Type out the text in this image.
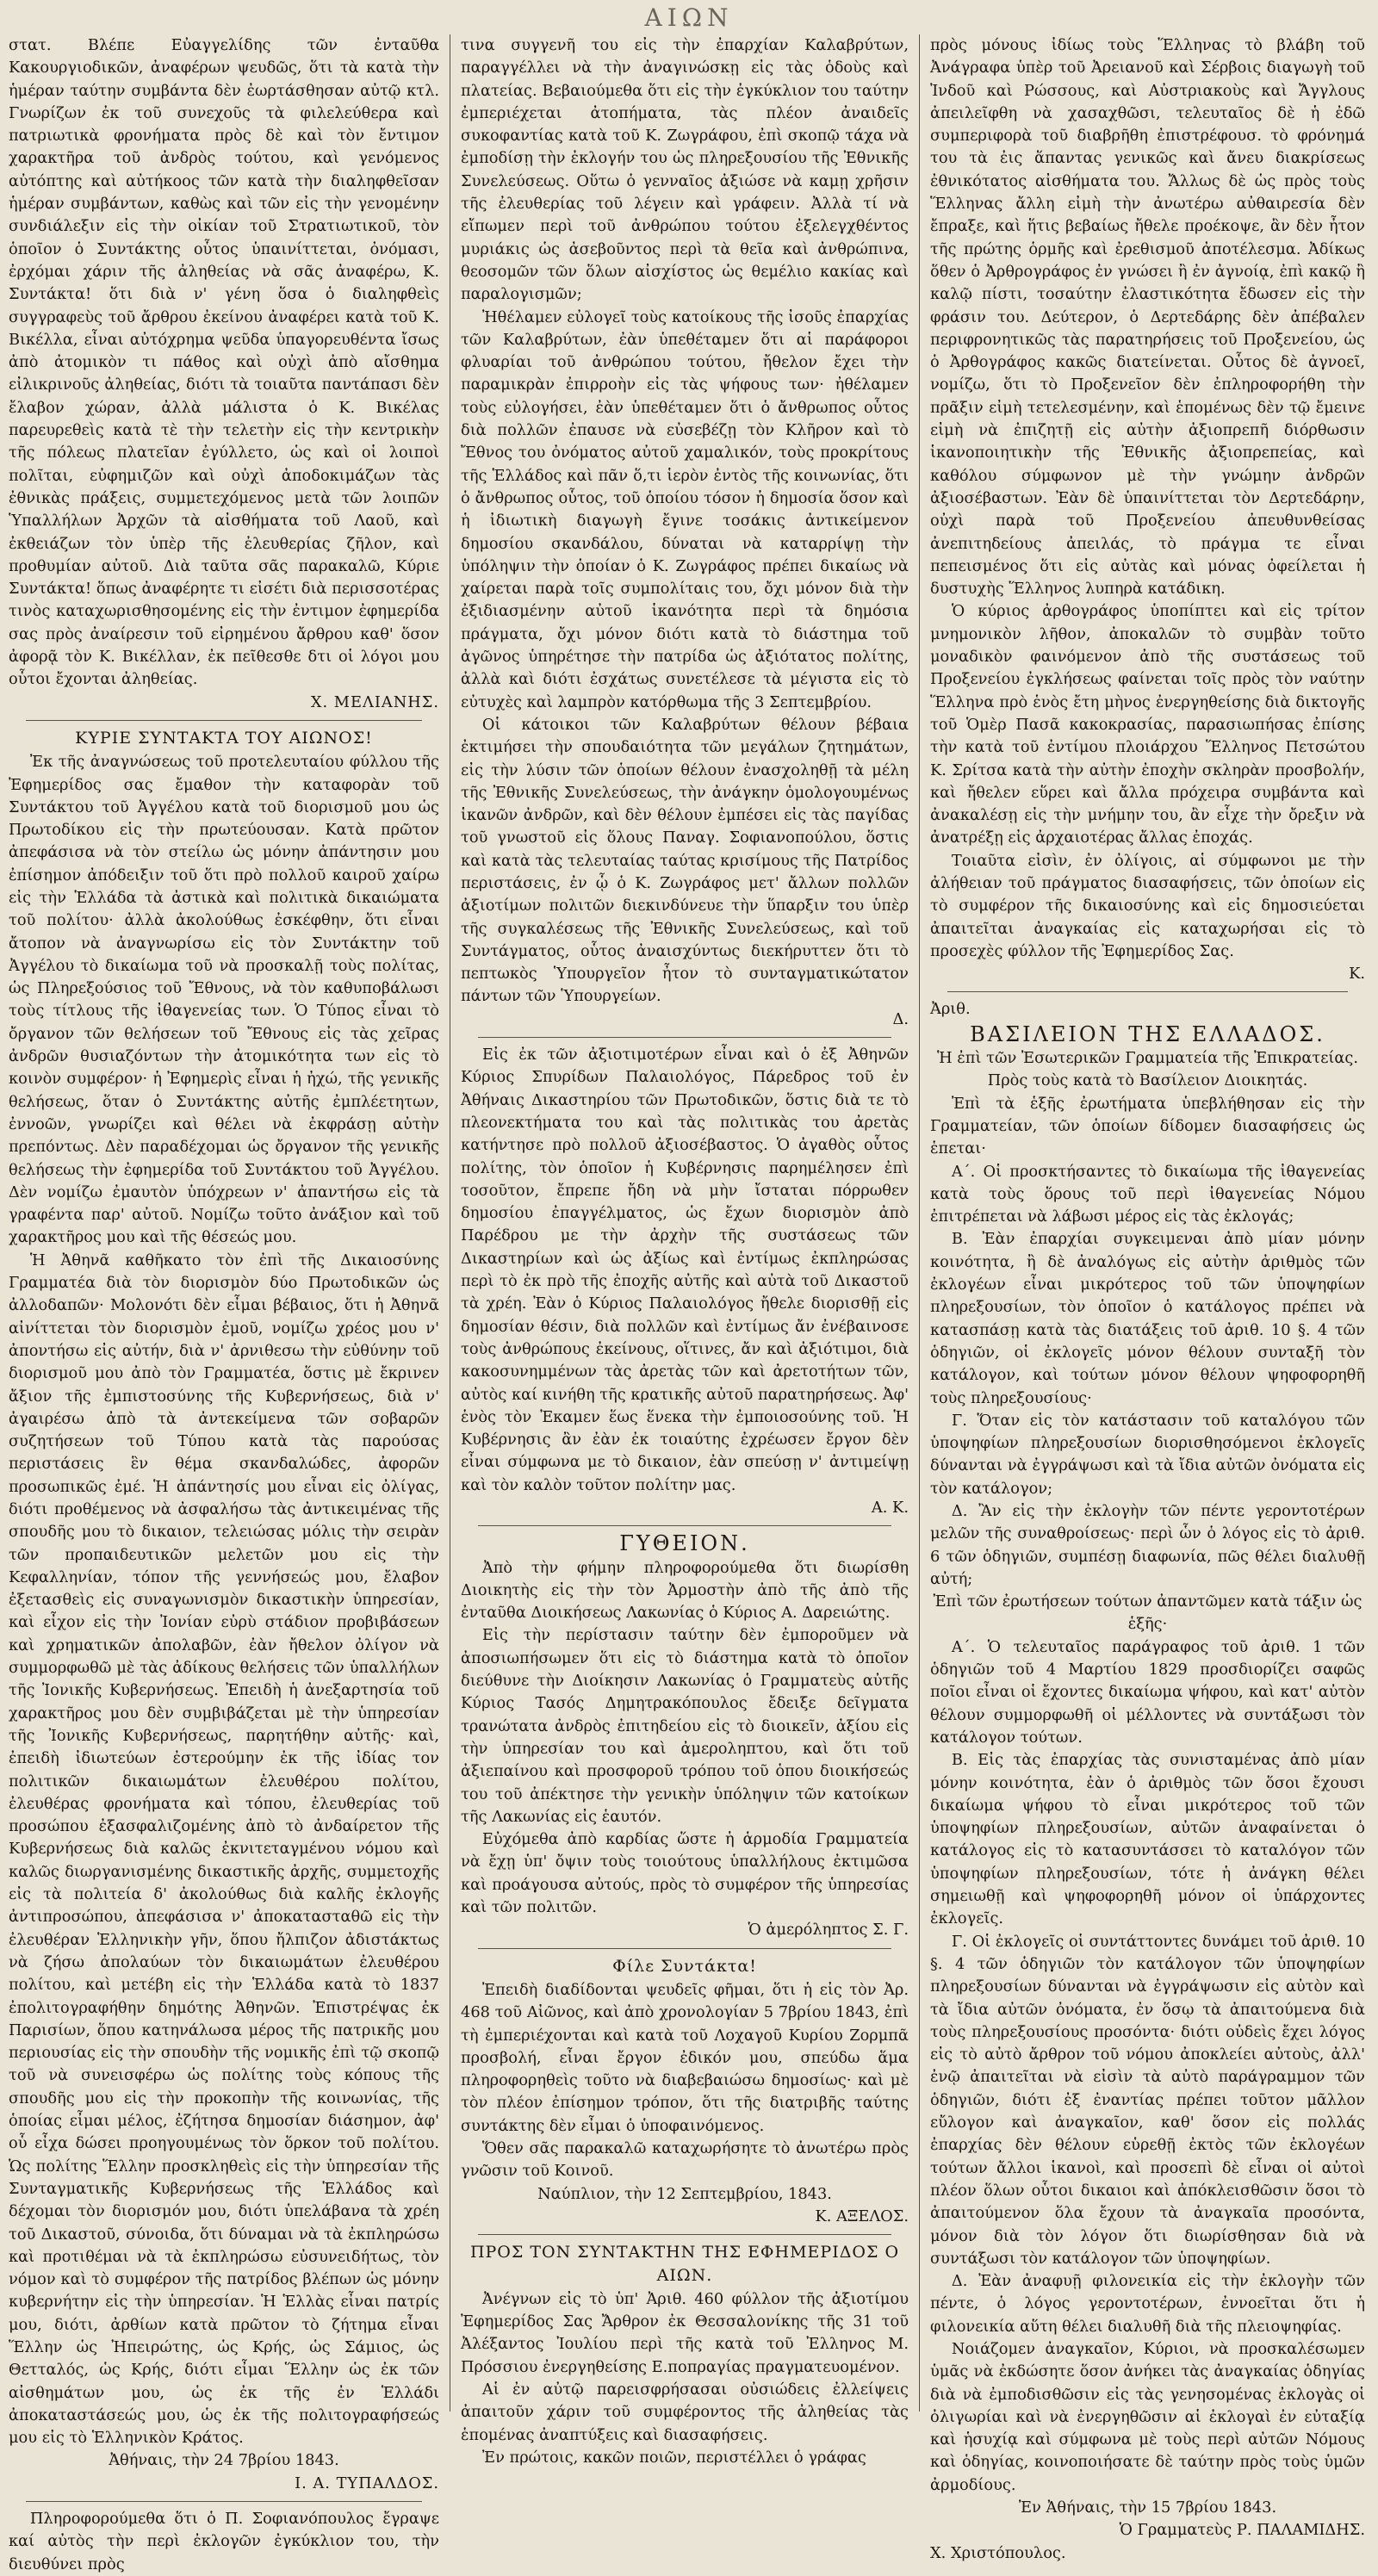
ΑΙΩΝ

στατ. Βλέπε Εὐαγγελίδης τῶν ἐνταῦθα Κακουργιοδικῶν, ἀναφέρων ψευδῶς, ὅτι τὰ κατὰ τὴν ἡμέραν ταύτην συμβάντα δὲν ἐωρτάσθησαν αὐτῷ κτλ. Γνωρίζων ἐκ τοῦ συνεχοῦς τὰ φιλελεύθερα καὶ πατριωτικὰ φρονήματα πρὸς δὲ καὶ τὸν ἔντιμον χαρακτῆρα τοῦ ἀνδρὸς τούτου, καὶ γενόμενος αὐτόπτης καὶ αὐτήκοος τῶν κατὰ τὴν διαληφθεῖσαν ἡμέραν συμβάντων, καθὼς καὶ τῶν εἰς τὴν γενομένην συνδιάλεξιν εἰς τὴν οἰκίαν τοῦ Στρατιωτικοῦ, τὸν ὁποῖον ὁ Συντάκτης οὗτος ὑπαινίττεται, ὀνόμασι, ἐρχόμαι χάριν τῆς ἀληθείας νὰ σᾶς ἀναφέρω, Κ. Συντάκτα! ὅτι διὰ ν' γένη ὅσα ὁ διαληφθεὶς συγγραφεὺς τοῦ ἄρθρου ἐκείνου ἀναφέρει κατὰ τοῦ Κ. Βικέλλα, εἶναι αὐτόχρημα ψεῦδα ὑπαγορευθέντα ἴσως ἀπὸ ἀτομικὸν τι πάθος καὶ οὐχὶ ἀπὸ αἴσθημα εἰλικρινοῦς ἀληθείας, διότι τὰ τοιαῦτα παντάπασι δὲν ἔλαβον χώραν, ἀλλὰ μάλιστα ὁ Κ. Βικέλας παρευρεθεὶς κατὰ τὲ τὴν τελετὴν εἰς τὴν κεντρικὴν τῆς πόλεως πλατεῖαν ἐγύλλετο, ὡς καὶ οἱ λοιποὶ πολῖται, εὐφημιζῶν καὶ οὐχὶ ἀποδοκιμάζων τὰς ἐθνικὰς πράξεις, συμμετεχόμενος μετὰ τῶν λοιπῶν Ὑπαλλήλων Ἀρχῶν τὰ αἰσθήματα τοῦ Λαοῦ, καὶ ἐκθειάζων τὸν ὑπὲρ τῆς ἐλευθερίας ζῆλον, καὶ προθυμίαν αὐτοῦ. Διὰ ταῦτα σᾶς παρακαλῶ, Κύριε Συντάκτα! ὅπως ἀναφέρητε τι εἰσέτι διὰ περισσοτέρας τινὸς καταχωρισθησομένης εἰς τὴν ἐντιμον ἐφημερίδα σας πρὸς ἀναίρεσιν τοῦ εἰρημένου ἄρθρου καθ' ὅσον ἀφορᾷ τὸν Κ. Βικέλλαν, ἐκ πεῖθεσθε δτι οἱ λόγοι μου οὗτοι ἔχονται ἀληθείας.

Χ. ΜΕΛΙΑΝΗΣ.

ΚΥΡΙΕ ΣΥΝΤΑΚΤΑ ΤΟΥ ΑΙΩΝΟΣ!

Ἐκ τῆς ἀναγνώσεως τοῦ προτελευταίου φύλλου τῆς Ἐφημερίδος σας ἔμαθον τὴν καταφορὰν τοῦ Συντάκτου τοῦ Ἀγγέλου κατὰ τοῦ διορισμοῦ μου ὡς Πρωτοδίκου εἰς τὴν πρωτεύουσαν. Κατὰ πρῶτον ἀπεφάσισα νὰ τὸν στείλω ὡς μόνην ἀπάντησιν μου ἐπίσημον ἀπόδειξιν τοῦ ὅτι πρὸ πολλοῦ καιροῦ χαίρω εἰς τὴν Ἑλλάδα τὰ ἀστικὰ καὶ πολιτικὰ δικαιώματα τοῦ πολίτου· ἀλλὰ ἀκολούθως ἐσκέφθην, ὅτι εἶναι ἄτοπον νὰ ἀναγνωρίσω εἰς τὸν Συντάκτην τοῦ Ἀγγέλου τὸ δικαίωμα τοῦ νὰ προσκαλῇ τοὺς πολίτας, ὡς Πληρεξούσιος τοῦ Ἔθνους, νὰ τὸν καθυποβάλωσι τοὺς τίτλους τῆς ἰθαγενείας των. Ὁ Τύπος εἶναι τὸ ὄργανον τῶν θελήσεων τοῦ Ἔθνους εἰς τὰς χεῖρας ἀνδρῶν θυσιαζόντων τὴν ἀτομικότητα των εἰς τὸ κοινὸν συμφέρον· ἡ Ἐφημερὶς εἶναι ἡ ἠχώ, τῆς γενικῆς θελήσεως, ὅταν ὁ Συντάκτης αὐτῆς ἐμπλέετητων, ἐννοῶν, γνωρίζει καὶ θέλει νὰ ἐκφράσῃ αὐτὴν πρεπόντως. Δὲν παραδέχομαι ὡς ὄργανον τῆς γενικῆς θελήσεως τὴν ἐφημερίδα τοῦ Συντάκτου τοῦ Ἀγγέλου. Δὲν νομίζω ἐμαυτὸν ὑπόχρεων ν' ἀπαντήσω εἰς τὰ γραφέντα παρ' αὐτοῦ. Νομίζω τοῦτο ἀνάξιον καὶ τοῦ χαρακτῆρος μου καὶ τῆς θέσεώς μου.

Ἡ Ἀθηνᾶ καθῆκατο τὸν ἐπὶ τῆς Δικαιοσύνης Γραμματέα διὰ τὸν διορισμὸν δύο Πρωτοδικῶν ὡς ἀλλοδαπῶν· Μολονότι δὲν εἶμαι βέβαιος, ὅτι ἡ Ἀθηνᾶ αἰνίττεται τὸν διορισμὸν ἐμοῦ, νομίζω χρέος μου ν' ἀποντήσω εἰς αὐτήν, διὰ ν' ἀρνιθεσω τὴν εὐθύνην τοῦ διορισμοῦ μου ἀπὸ τὸν Γραμματέα, ὅστις μὲ ἔκρινεν ἄξιον τῆς ἐμπιστοσύνης τῆς Κυβερνήσεως, διὰ ν' ἀγαιρέσω ἀπὸ τὰ ἀντεκείμενα τῶν σοβαρῶν συζητήσεων τοῦ Τύπου κατὰ τὰς παρούσας περιστάσεις ἓν θέμα σκανδαλώδες, ἀφορῶν προσωπικῶς ἐμέ. Ἡ ἀπάντησίς μου εἶναι εἰς ὀλίγας, διότι προθέμενος νὰ ἀσφαλήσω τὰς ἀντικειμένας τῆς σπουδῆς μου τὸ δικαιον, τελειώσας μόλις τὴν σειρὰν τῶν προπαιδευτικῶν μελετῶν μου εἰς τὴν Κεφαλληνίαν, τόπον τῆς γεννήσεώς μου, ἔλαβον ἐξετασθεὶς εἰς συναγωνισμὸν δικαστικὴν ὑπηρεσίαν, καὶ εἶχον εἰς τὴν Ἰονίαν εὐρὺ στάδιον προβιβάσεων καὶ χρηματικῶν ἀπολαβῶν, ἐὰν ἤθελον ὀλίγον νὰ συμμορφωθῶ μὲ τὰς ἀδίκους θελήσεις τῶν ὑπαλλήλων τῆς Ἰονικῆς Κυβερνήσεως. Ἐπειδὴ ἡ ἀνεξαρτησία τοῦ χαρακτῆρος μου δὲν συμβιβάζεται μὲ τὴν ὑπηρεσίαν τῆς Ἰονικῆς Κυβερνήσεως, παρητήθην αὐτῆς· καὶ, ἐπειδὴ ἰδιωτεύων ἐστερούμην ἐκ τῆς ἰδίας τον πολιτικῶν δικαιωμάτων ἐλευθέρου πολίτου, ἐλευθέρας φρονήματα καὶ τόπου, ἐλευθερίας τοῦ προσώπου ἐξασφαλιζομένης ἀπὸ τὸ ἀνδαίρετον τῆς Κυβερνήσεως διὰ καλῶς ἐκνιτεταγμένου νόμου καὶ καλῶς διωργανισμένης δικαστικῆς ἀρχῆς, συμμετοχῆς εἰς τὰ πολιτεία δ' ἀκολούθως διὰ καλῆς ἐκλογῆς ἀντιπροσώπου, ἀπεφάσισα ν' ἀποκατασταθῶ εἰς τὴν ἐλευθέραν Ἑλληνικὴν γῆν, ὅπου ἤλπιζον ἀδιστάκτως νὰ ζήσω ἀπολαύων τὸν δικαιωμάτων ἐλευθέρου πολίτου, καὶ μετέβη εἰς τὴν Ἑλλάδα κατὰ τὸ 1837 ἐπολιτογραφήθην δημότης Ἀθηνῶν. Ἐπιστρέψας ἐκ Παρισίων, ὅπου κατηνάλωσα μέρος τῆς πατρικῆς μου περιουσίας εἰς τὴν σπουδὴν τῆς νομικῆς ἐπὶ τῷ σκοπῷ τοῦ νὰ συνεισφέρω ὡς πολίτης τοὺς κόπους τῆς σπουδῆς μου εἰς τὴν προκοπὴν τῆς κοινωνίας, τῆς ὁποίας εἶμαι μέλος, ἐζήτησα δημοσίαν διάσημον, ἀφ' οὗ εἶχα δώσει προηγουμένως τὸν ὅρκον τοῦ πολίτου. Ὡς πολίτης Ἕλλην προσκληθεὶς εἰς τὴν ὑπηρεσίαν τῆς Συνταγματικῆς Κυβερνήσεως τῆς Ἑλλάδος καὶ δέχομαι τὸν διορισμόν μου, διότι ὑπελάβανα τὰ χρέη τοῦ Δικαστοῦ, σύνοιδα, ὅτι δύναμαι νὰ τὰ ἐκπληρώσω καὶ προτιθέμαι νὰ τὰ ἐκπληρώσω εὐσυνειδήτως, τὸν νόμον καὶ τὸ συμφέρον τῆς πατρίδος βλέπων ὡς μόνην κυβερνήτην εἰς τὴν ὑπηρεσίαν. Ἡ Ἑλλὰς εἶναι πατρίς μου, διότι, ἀρθίων κατὰ πρῶτον τὸ ζήτημα εἶναι Ἕλλην ὡς Ἠπειρώτης, ὡς Κρής, ὡς Σάμιος, ὡς Θετταλός, ὡς Κρής, διότι εἶμαι Ἕλλην ὡς ἐκ τῶν αἰσθημάτων μου, ὡς ἐκ τῆς ἐν Ἑλλάδι ἀποκαταστάσεώς μου, ὡς ἐκ τῆς πολιτογραφήσεώς μου εἰς τὸ Ἑλληνικὸν Κράτος.

Ἀθήναις, τὴν 24 7βρίου 1843.

Ι. Α. ΤΥΠΑΛΔΟΣ.

Πληροφορούμεθα ὅτι ὁ Π. Σοφιανόπουλος ἔγραψε καί αὐτὸς τὴν περὶ ἐκλογῶν ἐγκύκλιον του, τὴν διευθύνει πρὸς

τινα συγγενῆ του εἰς τὴν ἐπαρχίαν Καλαβρύτων, παραγγέλλει νὰ τὴν ἀναγινώσκῃ εἰς τὰς ὁδοὺς καὶ πλατείας. Βεβαιούμεθα ὅτι εἰς τὴν ἐγκύκλιον του ταύτην ἐμπεριέχεται ἀτοπήματα, τὰς πλέον ἀναιδεῖς συκοφαντίας κατὰ τοῦ Κ. Ζωγράφου, ἐπὶ σκοπῷ τάχα νὰ ἐμποδίσῃ τὴν ἐκλογήν του ὡς πληρεξουσίου τῆς Ἐθνικῆς Συνελεύσεως. Οὕτω ὁ γενναῖος ἀξιώσε νὰ καμῃ χρῆσιν τῆς ἐλευθερίας τοῦ λέγειν καὶ γράφειν. Ἀλλὰ τί νὰ εἴπωμεν περὶ τοῦ ἀνθρώπου τούτου ἐξελεγχθέντος μυριάκις ὡς ἀσεβοῦντος περὶ τὰ θεῖα καὶ ἀνθρώπινα, θεοσομῶν τῶν ὅλων αἰσχίστος ὡς θεμέλιο κακίας καὶ παραλογισμῶν;

Ἠθέλαμεν εὐλογεῖ τοὺς κατοίκους τῆς ἰσοῦς ἐπαρχίας τῶν Καλαβρύτων, ἐὰν ὑπεθέταμεν ὅτι αἱ παράφοροι φλυαρίαι τοῦ ἀνθρώπου τούτου, ἤθελον ἔχει τὴν παραμικρὰν ἐπιρροὴν εἰς τὰς ψήφους των· ἠθέλαμεν τοὺς εὐλογήσει, ἐὰν ὑπεθέταμεν ὅτι ὁ ἄνθρωπος οὗτος διὰ πολλῶν ἐπαυσε νὰ εὐσεβέζῃ τὸν Κλῆρον καὶ τὸ Ἔθνος του ὀνόματος αὐτοῦ χαμαλικόν, τοὺς προκρίτους τῆς Ἑλλάδος καὶ πᾶν ὅ,τι ἱερὸν ἐντὸς τῆς κοινωνίας, ὅτι ὁ ἄνθρωπος οὗτος, τοῦ ὁποίου τόσον ἡ δημοσία ὅσον καὶ ἡ ἰδιωτικὴ διαγωγὴ ἔγινε τοσάκις ἀντικείμενον δημοσίου σκανδάλου, δύναται νὰ καταρρίψῃ τὴν ὑπόληψιν τὴν ὁποίαν ὁ Κ. Ζωγράφος πρέπει δικαίως νὰ χαίρεται παρὰ τοῖς συμπολίταις του, ὄχι μόνον διὰ τὴν ἐξιδιασμένην αὐτοῦ ἱκανότητα περὶ τὰ δημόσια πράγματα, ὄχι μόνον διότι κατὰ τὸ διάστημα τοῦ ἀγῶνος ὑπηρέτησε τὴν πατρίδα ὡς ἀξιότατος πολίτης, ἀλλὰ καὶ διότι ἐσχάτως συνετέλεσε τὰ μέγιστα εἰς τὸ εὐτυχὲς καὶ λαμπρὸν κατόρθωμα τῆς 3 Σεπτεμβρίου.

Οἱ κάτοικοι τῶν Καλαβρύτων θέλουν βέβαια ἐκτιμήσει τὴν σπουδαιότητα τῶν μεγάλων ζητημάτων, εἰς τὴν λύσιν τῶν ὁποίων θέλουν ἐνασχοληθῇ τὰ μέλη τῆς Ἐθνικῆς Συνελεύσεως, τὴν ἀνάγκην ὁμολογουμένως ἱκανῶν ἀνδρῶν, καὶ δὲν θέλουν ἐμπέσει εἰς τὰς παγίδας τοῦ γνωστοῦ εἰς ὅλους Παναγ. Σοφιανοπούλου, ὅστις καὶ κατὰ τὰς τελευταίας ταύτας κρισίμους τῆς Πατρίδος περιστάσεις, ἐν ᾧ ὁ Κ. Ζωγράφος μετ' ἄλλων πολλῶν ἀξιοτίμων πολιτῶν διεκινδύνευε τὴν ὕπαρξιν του ὑπὲρ τῆς συγκαλέσεως τῆς Ἐθνικῆς Συνελεύσεως, καὶ τοῦ Συντάγματος, οὗτος ἀναισχύντως διεκήρυττεν ὅτι τὸ πεπτωκὸς Ὑπουργεῖον ἦτον τὸ συνταγματικώτατον πάντων τῶν Ὑπουργείων.

Δ.

Εἰς ἐκ τῶν ἀξιοτιμοτέρων εἶναι καὶ ὁ ἐξ Ἀθηνῶν Κύριος Σπυρίδων Παλαιολόγος, Πάρεδρος τοῦ ἐν Ἀθήναις Δικαστηρίου τῶν Πρωτοδικῶν, ὅστις διὰ τε τὸ πλεονεκτήματα του καὶ τὰς πολιτικὰς του ἀρετὰς κατήντησε πρὸ πολλοῦ ἀξιοσέβαστος. Ὁ ἀγαθὸς οὗτος πολίτης, τὸν ὁποῖον ἡ Κυβέρνησις παρημέλησεν ἐπὶ τοσοῦτον, ἔπρεπε ἤδη νὰ μὴν ἴσταται πόρρωθεν δημοσίου ἐπαγγέλματος, ὡς ἔχων διορισμὸν ἀπὸ Παρέδρου με τὴν ἀρχὴν τῆς συστάσεως τῶν Δικαστηρίων καὶ ὡς ἀξίως καὶ ἐντίμως ἐκπληρώσας περὶ τὸ ἐκ πρὸ τῆς ἐποχῆς αὐτῆς καὶ αὐτὰ τοῦ Δικαστοῦ τὰ χρέη. Ἐὰν ὁ Κύριος Παλαιολόγος ἤθελε διορισθῇ εἰς δημοσίαν θέσιν, διὰ πολλῶν καὶ ἐντίμως ἄν ἐνέβαινοσε τοὺς ἀνθρώπους ἐκείνους, οἵτινες, ἄν καὶ ἀξιότιμοι, διὰ κακοσυνημμένων τὰς ἀρετὰς τῶν καὶ ἀρετοτήτων τῶν, αὐτὸς καί κινήθη τῆς κρατικῆς αὐτοῦ παρατηρήσεως. Ἀφ' ἑνὸς τὸν Ἐκαμεν ἕως ἕνεκα τὴν ἐμποιοσούνης τοῦ. Ἡ Κυβέρνησις ἂν ἐὰν ἐκ τοιαύτης ἐχρέωσεν ἔργον δὲν εἶναι σύμφωνα με τὸ δικαιον, ἐὰν σπεύσῃ ν' ἀντιμείψῃ καὶ τὸν καλὸν τοῦτον πολίτην μας.

Α. Κ.

ΓΥΘΕΙΟΝ.

Ἀπὸ τὴν φήμην πληροφορούμεθα ὅτι διωρίσθη Διοικητὴς εἰς τὴν τὸν Ἀρμοστὴν ἀπὸ τῆς ἀπὸ τῆς ἐνταῦθα Διοικήσεως Λακωνίας ὁ Κύριος Α. Δαρειώτης.

Εἰς τὴν περίστασιν ταύτην δὲν ἐμποροῦμεν νὰ ἀποσιωπήσωμεν ὅτι εἰς τὸ διάστημα κατὰ τὸ ὁποῖον διεύθυνε τὴν Διοίκησιν Λακωνίας ὁ Γραμματεὺς αὐτῆς Κύριος Τασός Δημητρακόπουλος ἔδειξε δεῖγματα τρανώτατα ἀνδρὸς ἐπιτηδείου εἰς τὸ διοικεῖν, ἀξίου εἰς τὴν ὑπηρεσίαν του καὶ ἀμεροληπτου, καὶ ὅτι τοῦ ἀξιεπαίνου καὶ προσφοροῦ τρόπου τοῦ ὁπου διοικήσεώς του τοῦ ἀπέκτησε τὴν γενικὴν ὑπόληψιν τῶν κατοίκων τῆς Λακωνίας εἰς ἑαυτόν.

Εὐχόμεθα ἀπὸ καρδίας ὥστε ἡ ἁρμοδία Γραμματεία νὰ ἔχῃ ὑπ' ὄψιν τοὺς τοιούτους ὑπαλλήλους ἐκτιμῶσα καὶ προάγουσα αὐτούς, πρὸς τὸ συμφέρον τῆς ὑπηρεσίας καὶ τῶν πολιτῶν.

Ὁ ἀμερόληπτος Σ. Γ.

Φίλε Συντάκτα!

Ἐπειδὴ διαδίδονται ψευδεῖς φῆμαι, ὅτι ἡ εἰς τὸν Ἀρ. 468 τοῦ Αἰῶνος, καὶ ἀπὸ χρονολογίαν 5 7βρίου 1843, ἐπὶ τὴ ἐμπεριέχονται καὶ κατὰ τοῦ Λοχαγοῦ Κυρίου Ζορμπᾶ προσβολή, εἶναι ἔργον ἐδικόν μου, σπεύδω ἅμα πληροφορηθεὶς τοῦτο νὰ διαβεβαιώσω δημοσίως· καὶ μὲ τὸν πλέον ἐπίσημον τρόπον, ὅτι τῆς διατριβῆς ταύτης συντάκτης δὲν εἶμαι ὁ ὑποφαινόμενος.

Ὅθεν σᾶς παρακαλῶ καταχωρήσητε τὸ ἀνωτέρω πρὸς γνῶσιν τοῦ Κοινοῦ.

Ναύπλιον, τὴν 12 Σεπτεμβρίου, 1843.

Κ. ΑΞΕΛΟΣ.

ΠΡΟΣ ΤΟΝ ΣΥΝΤΑΚΤΗΝ ΤΗΣ ΕΦΗΜΕΡΙΔΟΣ Ο ΑΙΩΝ.

Ἀνέγνων εἰς τὸ ὑπ' Ἀριθ. 460 φύλλον τῆς ἀξιοτίμου Ἐφημερίδος Σας Ἄρθρον ἐκ Θεσσαλονίκης τῆς 31 τοῦ Ἀλέξαντος Ἰουλίου περὶ τῆς κατὰ τοῦ Ἐλληνος Μ. Πρόσσιου ἐνεργηθείσης Ε.ποπραγίας πραγματευομένον.

Αἱ ἐν αὐτῷ παρεισφρήσασαι οὐσιώδεις ἐλλείψεις ἀπαιτοῦν χάριν τοῦ συμφέροντος τῆς ἀληθείας τὰς ἑπομένας ἀναπτύξεις καὶ διασαφήσεις.

Ἐν πρώτοις, κακῶν ποιῶν, περιστέλλει ὁ γράφας

πρὸς μόνους ἰδίως τοὺς Ἕλληνας τὸ βλάβη τοῦ Ἀνάγραφα ὑπὲρ τοῦ Ἀρειανοῦ καὶ Σέρβοις διαγωγὴ τοῦ Ἰνδοῦ καὶ Ρώσσους, καὶ Αὐστριακοὺς καὶ Ἄγγλους ἀπειλεῖφθη νὰ χασαχθῶσι, τελευταῖος δὲ ἡ ἐδῶ συμπεριφορὰ τοῦ διαβρῆθη ἐπιστρέφουσ. τὸ φρόνημά του τὰ ἐις ἅπαντας γενικῶς καὶ ἄνευ διακρίσεως ἐθνικότατος αἰσθήματα του. Ἄλλως δὲ ὡς πρὸς τοὺς Ἕλληνας ἄλλη εἰμὴ τὴν ἀνωτέρω αὐθαιρεσία δὲν ἔπραξε, καὶ ἥτις βεβαίως ἤθελε προέκοψε, ἂν δὲν ἦτον τῆς πρώτης ὁρμῆς καὶ ἐρεθισμοῦ ἀποτέλεσμα. Ἀδίκως ὅθεν ὁ Ἀρθρογράφος ἐν γνώσει ἢ ἐν ἀγνοίᾳ, ἐπὶ κακῷ ἢ καλῷ πίστι, τοσαύτην ἐλαστικότητα ἔδωσεν εἰς τὴν φράσιν του. Δεύτερον, ὁ Δερτεδάρης δὲν ἀπέβαλεν περιφρονητικῶς τὰς παρατηρήσεις τοῦ Προξενείου, ὡς ὁ Ἀρθογράφος κακῶς διατείνεται. Οὗτος δὲ ἀγνοεῖ, νομίζω, ὅτι τὸ Προξενεῖον δὲν ἐπληροφορήθη τὴν πρᾶξιν εἰμὴ τετελεσμένην, καὶ ἑπομένως δὲν τῷ ἔμεινε εἰμὴ νὰ ἐπιζητῇ εἰς αὐτὴν ἀξιοπρεπῆ διόρθωσιν ἱκανοποιητικὴν τῆς Ἐθνικῆς ἀξιοπρεπείας, καὶ καθόλου σύμφωνον μὲ τὴν γνώμην ἀνδρῶν ἀξιοσέβαστων. Ἐὰν δὲ ὑπαινίττεται τὸν Δερτεδάρην, οὐχὶ παρὰ τοῦ Προξενείου ἀπευθυνθείσας ἀνεπιτηδείους ἀπειλάς, τὸ πράγμα τε εἶναι πεπεισμένος ὅτι εἰς αὐτὰς καὶ μόνας ὀφείλεται ἡ δυστυχὴς Ἕλληνος λυπηρὰ κατάδικη.

Ὁ κύριος ἀρθογράφος ὑποπίπτει καὶ εἰς τρίτον μνημονικὸν λῆθον, ἀποκαλῶν τὸ συμβὰν τοῦτο μοναδικὸν φαινόμενον ἀπὸ τῆς συστάσεως τοῦ Προξενείου ἐγκλήσεως φαίνεται τοῖς πρὸς τὸν ναύτην Ἕλληνα πρὸ ἑνὸς ἔτη μὴνος ἐνεργηθείσης διὰ δικτογῆς τοῦ Ὁμὲρ Πασᾶ κακοκρασίας, παρασιωπήσας ἐπίσης τὴν κατὰ τοῦ ἐντίμου πλοιάρχου Ἕλληνος Πετσώτου Κ. Σρίτσα κατὰ τὴν αὐτὴν ἐποχὴν σκληρὰν προσβολήν, καὶ ἤθελεν εὕρει καὶ ἄλλα πρόχειρα συμβάντα καὶ ἀνακαλέσῃ εἰς τὴν μνήμην του, ἂν εἶχε τὴν ὄρεξιν νὰ ἀνατρέξῃ εἰς ἀρχαιοτέρας ἄλλας ἐποχάς.

Τοιαῦτα εἰσὶν, ἐν ὀλίγοις, αἱ σύμφωνοι με τὴν ἀλήθειαν τοῦ πράγματος διασαφήσεις, τῶν ὁποίων εἰς τὸ συμφέρον τῆς δικαιοσύνης καὶ εἰς δημοσιεύεται ἀπαιτεῖται ἀναγκαίας εἰς καταχωρήσαι εἰς τὸ προσεχὲς φύλλον τῆς Ἐφημερίδος Σας.

Κ.

Ἀριθ.

ΒΑΣΙΛΕΙΟΝ ΤΗΣ ΕΛΛΑΔΟΣ.

Ἡ ἐπὶ τῶν Ἐσωτερικῶν Γραμματεία τῆς Ἐπικρατείας.

Πρὸς τοὺς κατὰ τὸ Βασίλειον Διοικητάς.

Ἐπὶ τὰ ἑξῆς ἐρωτήματα ὑπεβλήθησαν εἰς τὴν Γραμματείαν, τῶν ὁποίων δίδομεν διασαφήσεις ὡς ἑπεται·

Α΄. Οἱ προσκτήσαντες τὸ δικαίωμα τῆς ἰθαγενείας κατὰ τοὺς ὅρους τοῦ περὶ ἰθαγενείας Νόμου ἐπιτρέπεται νὰ λάβωσι μέρος εἰς τὰς ἐκλογάς;

Β. Ἐὰν ἐπαρχίαι συγκειμεναι ἀπὸ μίαν μόνην κοινότητα, ἢ δὲ ἀναλόγως εἰς αὐτὴν ἀριθμὸς τῶν ἐκλογέων εἶναι μικρότερος τοῦ τῶν ὑποψηφίων πληρεξουσίων, τὸν ὁποῖον ὁ κατάλογος πρέπει νὰ κατασπάσῃ κατὰ τὰς διατάξεις τοῦ ἀριθ. 10 §. 4 τῶν ὁδηγιῶν, οἱ ἐκλογεῖς μόνον θέλουν συνταξῆ τὸν κατάλογον, καὶ τούτων μόνον θέλουν ψηφοφορηθῆ τοὺς πληρεξουσίους·

Γ. Ὅταν εἰς τὸν κατάστασιν τοῦ καταλόγου τῶν ὑποψηφίων πληρεξουσίων διορισθησόμενοι ἐκλογεῖς δύνανται νὰ ἐγγράψωσι καὶ τὰ ἴδια αὐτῶν ὀνόματα εἰς τὸν κατάλογον;

Δ. Ἂν εἰς τὴν ἐκλογὴν τῶν πέντε γεροντοτέρων μελῶν τῆς συναθροίσεως· περὶ ὧν ὁ λόγος εἰς τὸ ἀριθ. 6 τῶν ὁδηγιῶν, συμπέσῃ διαφωνία, πῶς θέλει διαλυθῇ αὐτή;

Ἐπὶ τῶν ἐρωτήσεων τούτων ἀπαντῶμεν κατὰ τάξιν ὡς ἑξῆς·

Α΄. Ὁ τελευταῖος παράγραφος τοῦ ἀριθ. 1 τῶν ὁδηγιῶν τοῦ 4 Μαρτίου 1829 προσδιορίζει σαφῶς ποῖοι εἶναι οἱ ἔχοντες δικαίωμα ψήφου, καὶ κατ' αὐτὸν θέλουν συμμορφωθῆ οἱ μέλλοντες νὰ συντάξωσι τὸν κατάλογον τούτων.

Β. Εἰς τὰς ἐπαρχίας τὰς συνισταμένας ἀπὸ μίαν μόνην κοινότητα, ἐὰν ὁ ἀριθμὸς τῶν ὅσοι ἔχουσι δικαίωμα ψήφου τὸ εἶναι μικρότερος τοῦ τῶν ὑποψηφίων πληρεξουσίων, αὐτῶν ἀναφαίνεται ὁ κατάλογος εἰς τὸ κατασυντάσσει τὸ καταλόγον τῶν ὑποψηφίων πληρεξουσίων, τότε ἡ ἀνάγκη θέλει σημειωθῇ καὶ ψηφοφορηθῆ μόνον οἱ ὑπάρχοντες ἐκλογεῖς.

Γ. Οἱ ἐκλογεῖς οἱ συντάττοντες δυνάμει τοῦ ἀριθ. 10 §. 4 τῶν ὁδηγιῶν τὸν κατάλογον τῶν ὑποψηφίων πληρεξουσίων δύνανται νὰ ἐγγράψωσιν εἰς αὐτὸν καὶ τὰ ἴδια αὐτῶν ὀνόματα, ἐν ὅσῳ τὰ ἀπαιτούμενα διὰ τοὺς πληρεξουσίους προσόντα· διότι οὐδεὶς ἔχει λόγος εἰς τὸ αὐτὸ ἄρθρον τοῦ νόμου ἀποκλείει αὐτοὺς, ἀλλ' ἐνῷ ἀπαιτεῖται νὰ εἰσὶν τὰ αὐτὸ παράγραμμον τῶν ὁδηγιῶν, διότι ἐξ ἐναντίας πρέπει τοῦτον μᾶλλον εὔλογον καὶ ἀναγκαῖον, καθ' ὅσον εἰς πολλάς ἐπαρχίας δὲν θέλουν εὑρεθῇ ἐκτὸς τῶν ἐκλογέων τούτων ἄλλοι ἱκανοὶ, καὶ προσεπὶ δὲ εἶναι οἱ αὐτοὶ πλέον ὅλων οὗτοι δικαιοι καὶ ἀπόκλεισθῶσιν ὅσοι τὸ ἀπαιτούμενον ὅλα ἔχουν τὰ ἀναγκαῖα προσόντα, μόνον διὰ τὸν λόγον ὅτι διωρίσθησαν διὰ νὰ συντάξωσι τὸν κατάλογον τῶν ὑποψηφίων.

Δ. Ἐὰν ἀναφυῇ φιλονεικία εἰς τὴν ἐκλογὴν τῶν πέντε, ὁ λόγος γεροντοτέρων, ἐννοεῖται ὅτι ἡ φιλονεικία αὕτη θέλει διαλυθῆ διὰ τῆς πλειοψηφίας.

Νοιάζομεν ἀναγκαῖον, Κύριοι, νὰ προσκαλέσωμεν ὑμᾶς νὰ ἐκδώσητε ὅσον ἀνήκει τὰς ἀναγκαίας ὁδηγίας διὰ νὰ ἐμποδισθῶσιν εἰς τὰς γενησομένας ἐκλογὰς οἱ ὀλιγωρίαι καὶ νὰ ἐνεργηθῶσιν αἱ ἐκλογαὶ ἐν εὐταξίᾳ καὶ ἡσυχίᾳ καὶ σύμφωνα μὲ τοὺς περὶ αὐτῶν Νόμους καὶ ὁδηγίας, κοινοποιήσατε δὲ ταύτην πρὸς τοὺς ὑμῶν ἀρμοδίους.

Ἐν Ἀθήναις, τὴν 15 7βρίου 1843.

Ὁ Γραμματεὺς Ρ. ΠΑΛΑΜΙΔΗΣ.

Χ. Χριστόπουλος.
